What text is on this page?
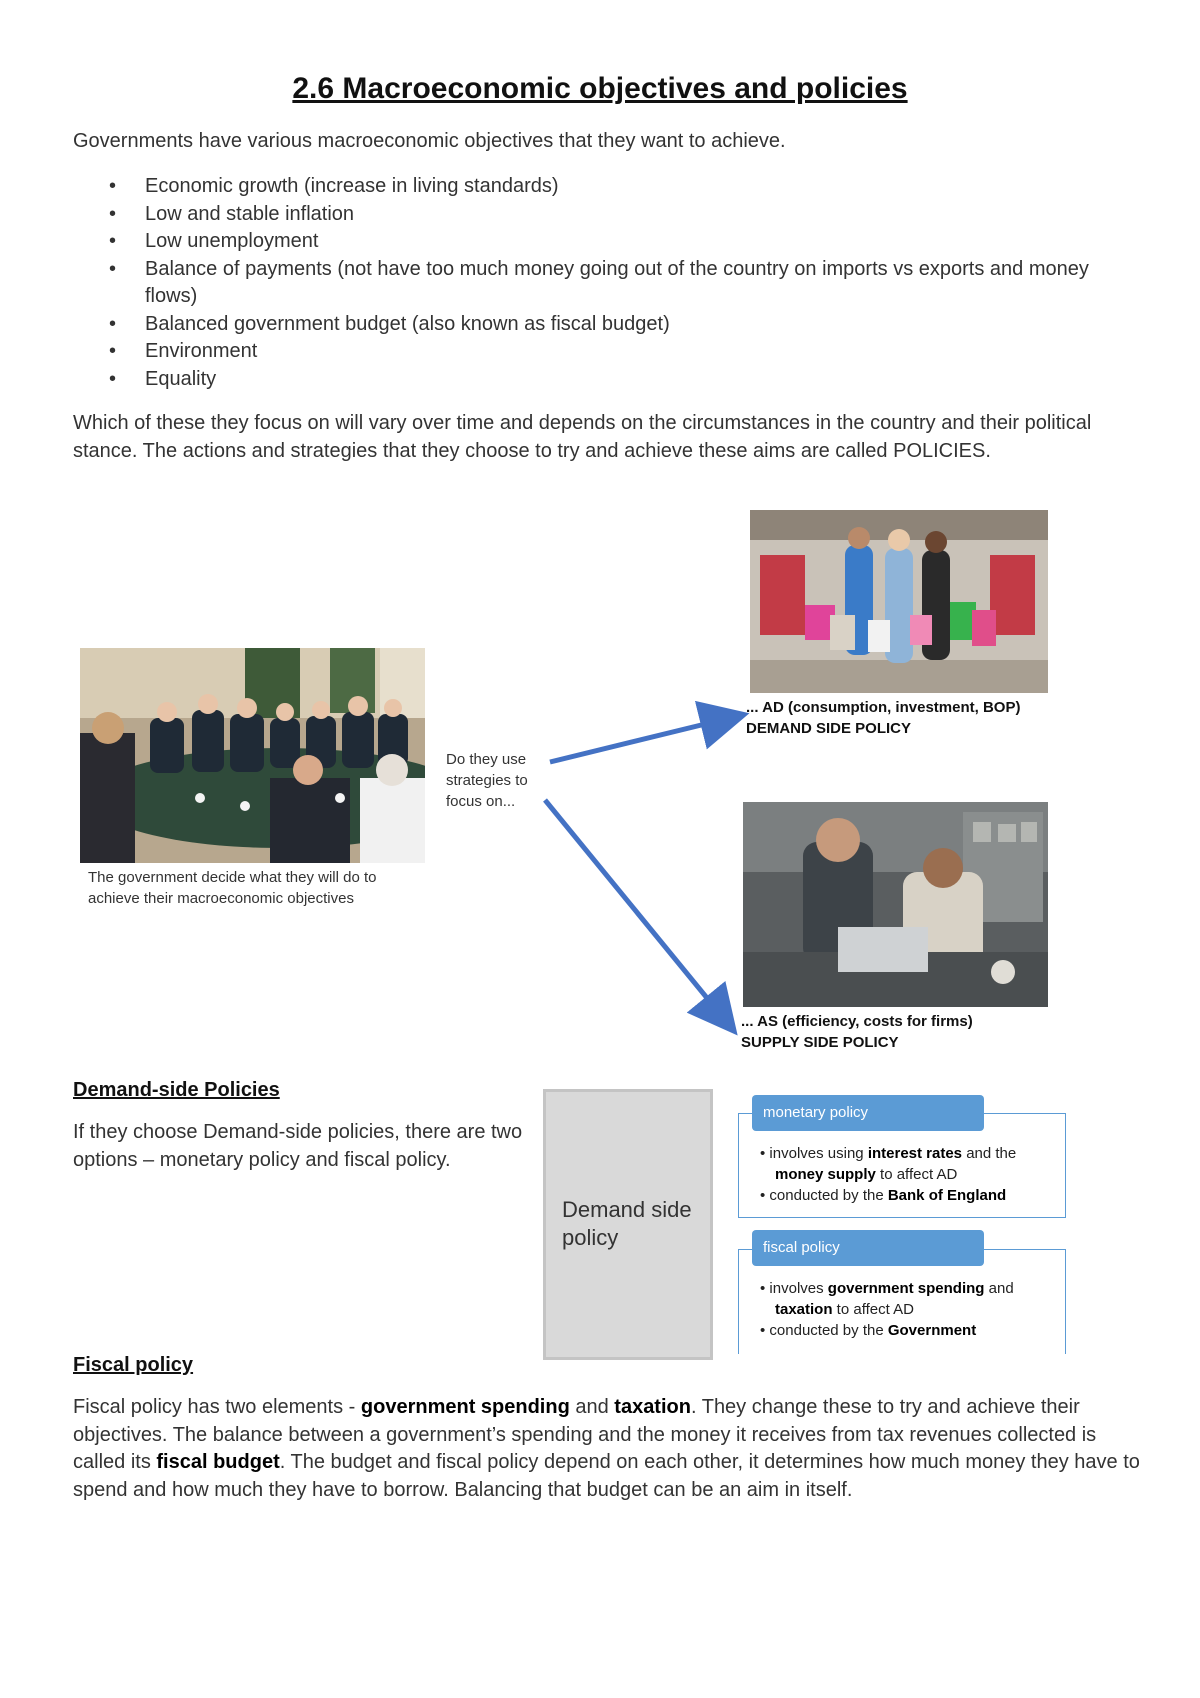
2.6 Macroeconomic objectives and policies
Governments have various macroeconomic objectives that they want to achieve.
• Economic growth (increase in living standards)
• Low and stable inflation
• Low unemployment
• Balance of payments (not have too much money going out of the country on imports vs exports and money flows)
• Balanced government budget (also known as fiscal budget)
• Environment
• Equality
Which of these they focus on will vary over time and depends on the circumstances in the country and their political stance. The actions and strategies that they choose to try and achieve these aims are called POLICIES.
The government decide what they will do to achieve their macroeconomic objectives
Do they use strategies to focus on...
... AD (consumption, investment, BOP)
DEMAND SIDE POLICY
... AS (efficiency, costs for firms)
SUPPLY SIDE POLICY
Demand-side Policies
If they choose Demand-side policies, there are two options – monetary policy and fiscal policy.
Demand side policy
monetary policy
• involves using interest rates and the money supply to affect AD
• conducted by the Bank of England
fiscal policy
• involves government spending and taxation to affect AD
• conducted by the Government
Fiscal policy
Fiscal policy has two elements - government spending and taxation. They change these to try and achieve their objectives. The balance between a government’s spending and the money it receives from tax revenues collected is called its fiscal budget. The budget and fiscal policy depend on each other, it determines how much money they have to spend and how much they have to borrow. Balancing that budget can be an aim in itself.
